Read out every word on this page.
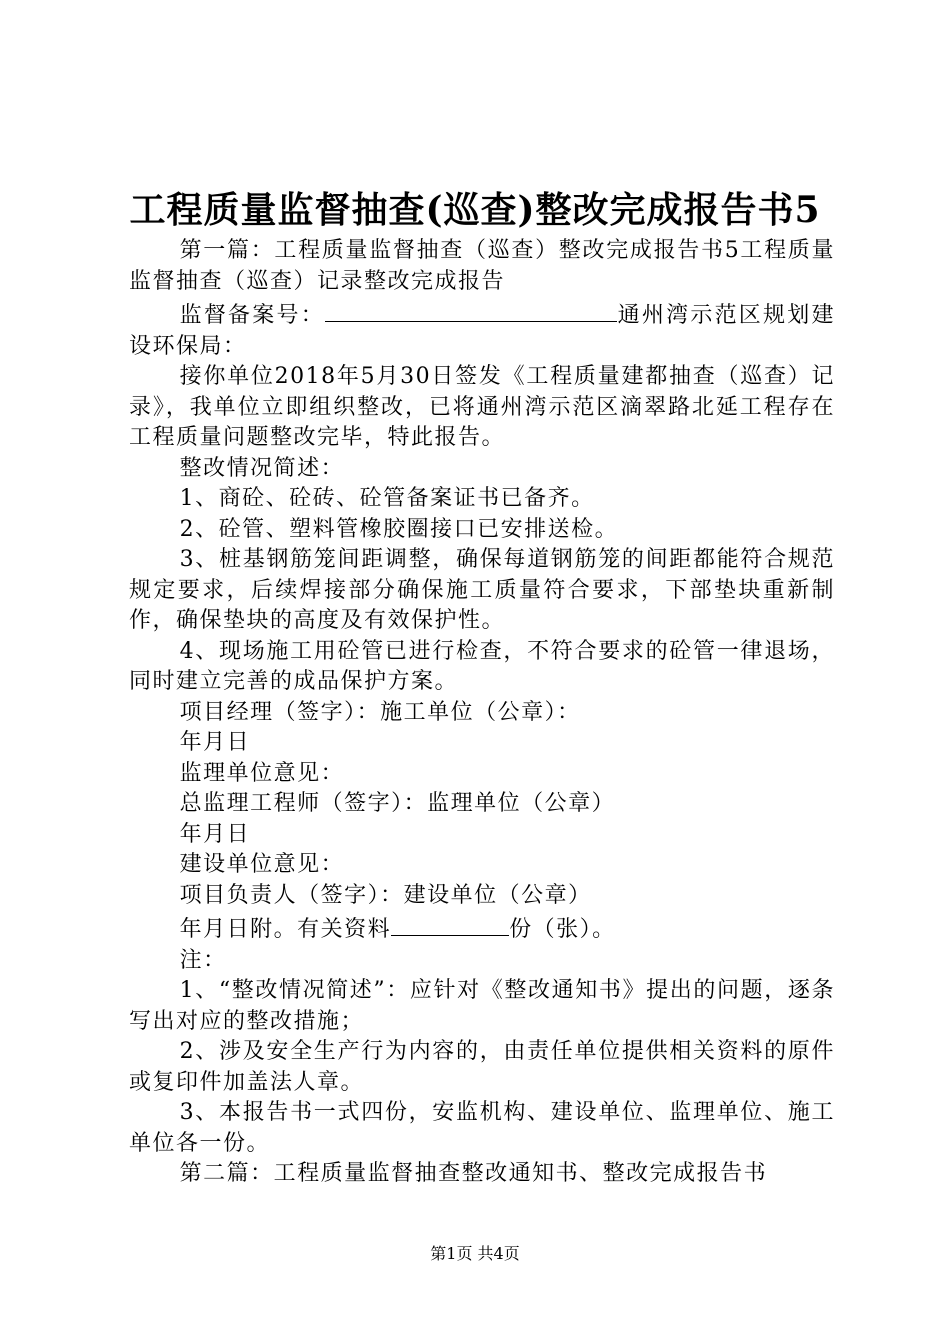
工程质量监督抽查(巡查)整改完成报告书5

第一篇：工程质量监督抽查（巡查）整改完成报告书5工程质量监督抽查（巡查）记录整改完成报告

监督备案号：	通州湾示范区规划建设环保局：

接你单位2018年5月30日签发《工程质量建都抽查（巡查）记录》，我单位立即组织整改，已将通州湾示范区滴翠路北延工程存在工程质量问题整改完毕，特此报告。

整改情况简述：

1、商砼、砼砖、砼管备案证书已备齐。

2、砼管、塑料管橡胶圈接口已安排送检。

3、桩基钢筋笼间距调整，确保每道钢筋笼的间距都能符合规范规定要求，后续焊接部分确保施工质量符合要求，下部垫块重新制作，确保垫块的高度及有效保护性。

4、现场施工用砼管已进行检查，不符合要求的砼管一律退场，同时建立完善的成品保护方案。

项目经理（签字）：施工单位（公章）：

年月日

监理单位意见：

总监理工程师（签字）：监理单位（公章）

年月日

建设单位意见：

项目负责人（签字）：建设单位（公章）

年月日附。有关资料	份（张）。

注：

1、“整改情况简述”：应针对《整改通知书》提出的问题，逐条写出对应的整改措施；

2、涉及安全生产行为内容的，由责任单位提供相关资料的原件或复印件加盖法人章。

3、本报告书一式四份，安监机构、建设单位、监理单位、施工单位各一份。

第二篇：工程质量监督抽查整改通知书、整改完成报告书

第1页 共4页
